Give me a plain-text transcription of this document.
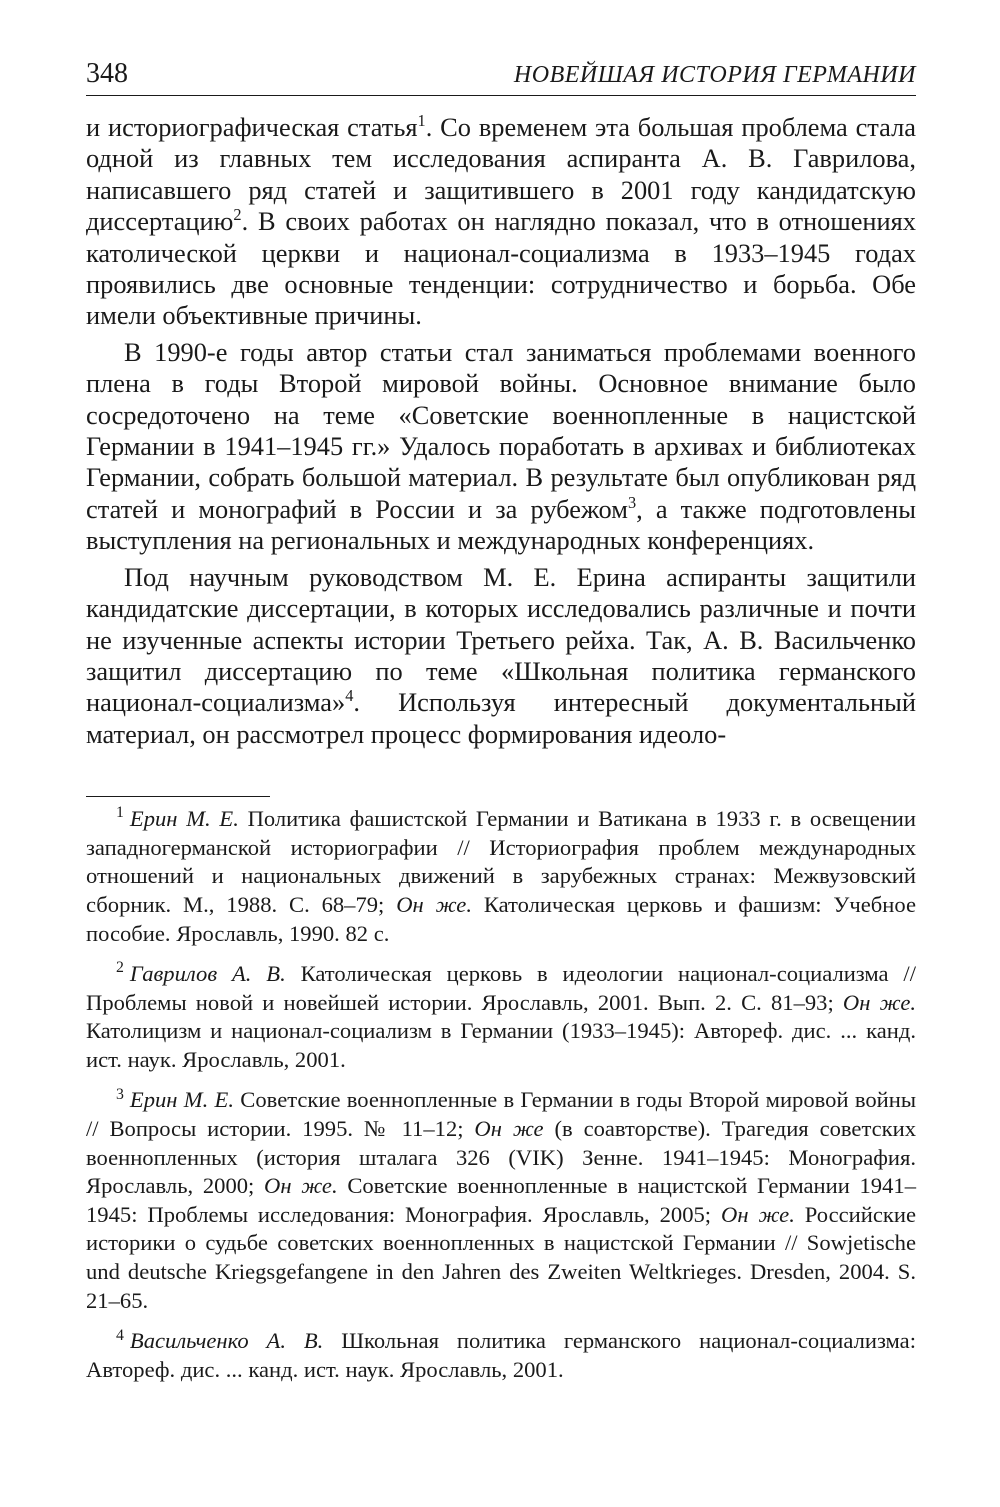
348	НОВЕЙШАЯ ИСТОРИЯ ГЕРМАНИИ

и историографическая статья$^1$. Со временем эта большая проблема стала одной из главных тем исследования аспиранта А. В. Гаврилова, написавшего ряд статей и защитившего в 2001 году кандидатскую диссертацию$^2$. В своих работах он наглядно показал, что в отношениях католической церкви и национал-социализма в 1933–1945 годах проявились две основные тенденции: сотрудничество и борьба. Обе имели объективные причины.

В 1990-е годы автор статьи стал заниматься проблемами военного плена в годы Второй мировой войны. Основное внимание было сосредоточено на теме «Советские военнопленные в нацистской Германии в 1941–1945 гг.» Удалось поработать в архивах и библиотеках Германии, собрать большой материал. В результате был опубликован ряд статей и монографий в России и за рубежом$^3$, а также подготовлены выступления на региональных и международных конференциях.

Под научным руководством М. Е. Ерина аспиранты защитили кандидатские диссертации, в которых исследовались различные и почти не изученные аспекты истории Третьего рейха. Так, А. В. Васильченко защитил диссертацию по теме «Школьная политика германского национал-социализма»$^4$. Используя интересный документальный материал, он рассмотрел процесс формирования идеоло-

$^1$ Ерин М. Е. Политика фашистской Германии и Ватикана в 1933 г. в освещении западногерманской историографии // Историография проблем международных отношений и национальных движений в зарубежных странах: Межвузовский сборник. М., 1988. С. 68–79; Он же. Католическая церковь и фашизм: Учебное пособие. Ярославль, 1990. 82 с.

$^2$ Гаврилов А. В. Католическая церковь в идеологии национал-социализма // Проблемы новой и новейшей истории. Ярославль, 2001. Вып. 2. С. 81–93; Он же. Католицизм и национал-социализм в Германии (1933–1945): Автореф. дис. ... канд. ист. наук. Ярославль, 2001.

$^3$ Ерин М. Е. Советские военнопленные в Германии в годы Второй мировой войны // Вопросы истории. 1995. № 11–12; Он же (в соавторстве). Трагедия советских военнопленных (история шталага 326 (VIK) Зенне. 1941–1945: Монография. Ярославль, 2000; Он же. Советские военнопленные в нацистской Германии 1941–1945: Проблемы исследования: Монография. Ярославль, 2005; Он же. Российские историки о судьбе советских военнопленных в нацистской Германии // Sowjetische und deutsche Kriegsgefangene in den Jahren des Zweiten Weltkrieges. Dresden, 2004. S. 21–65.

$^4$ Васильченко А. В. Школьная политика германского национал-социализма: Автореф. дис. ... канд. ист. наук. Ярославль, 2001.
